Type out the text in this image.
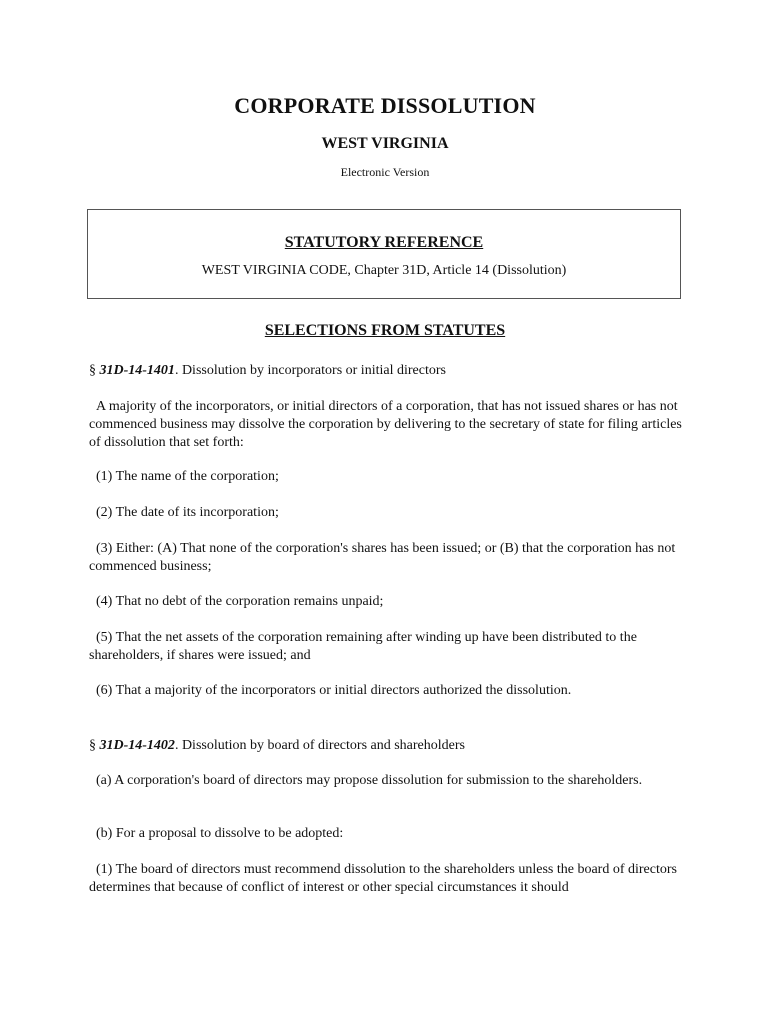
CORPORATE DISSOLUTION
WEST VIRGINIA
Electronic Version
STATUTORY REFERENCE
WEST VIRGINIA CODE, Chapter 31D, Article 14 (Dissolution)
SELECTIONS FROM STATUTES

§ 31D-14-1401. Dissolution by incorporators or initial directors

A majority of the incorporators, or initial directors of a corporation, that has not issued shares or has not commenced business may dissolve the corporation by delivering to the secretary of state for filing articles of dissolution that set forth:

(1) The name of the corporation;

(2) The date of its incorporation;

(3) Either: (A) That none of the corporation's shares has been issued; or (B) that the corporation has not commenced business;

(4) That no debt of the corporation remains unpaid;

(5) That the net assets of the corporation remaining after winding up have been distributed to the shareholders, if shares were issued; and

(6) That a majority of the incorporators or initial directors authorized the dissolution.

§ 31D-14-1402. Dissolution by board of directors and shareholders

(a) A corporation's board of directors may propose dissolution for submission to the shareholders.

(b) For a proposal to dissolve to be adopted:

(1) The board of directors must recommend dissolution to the shareholders unless the board of directors determines that because of conflict of interest or other special circumstances it should
